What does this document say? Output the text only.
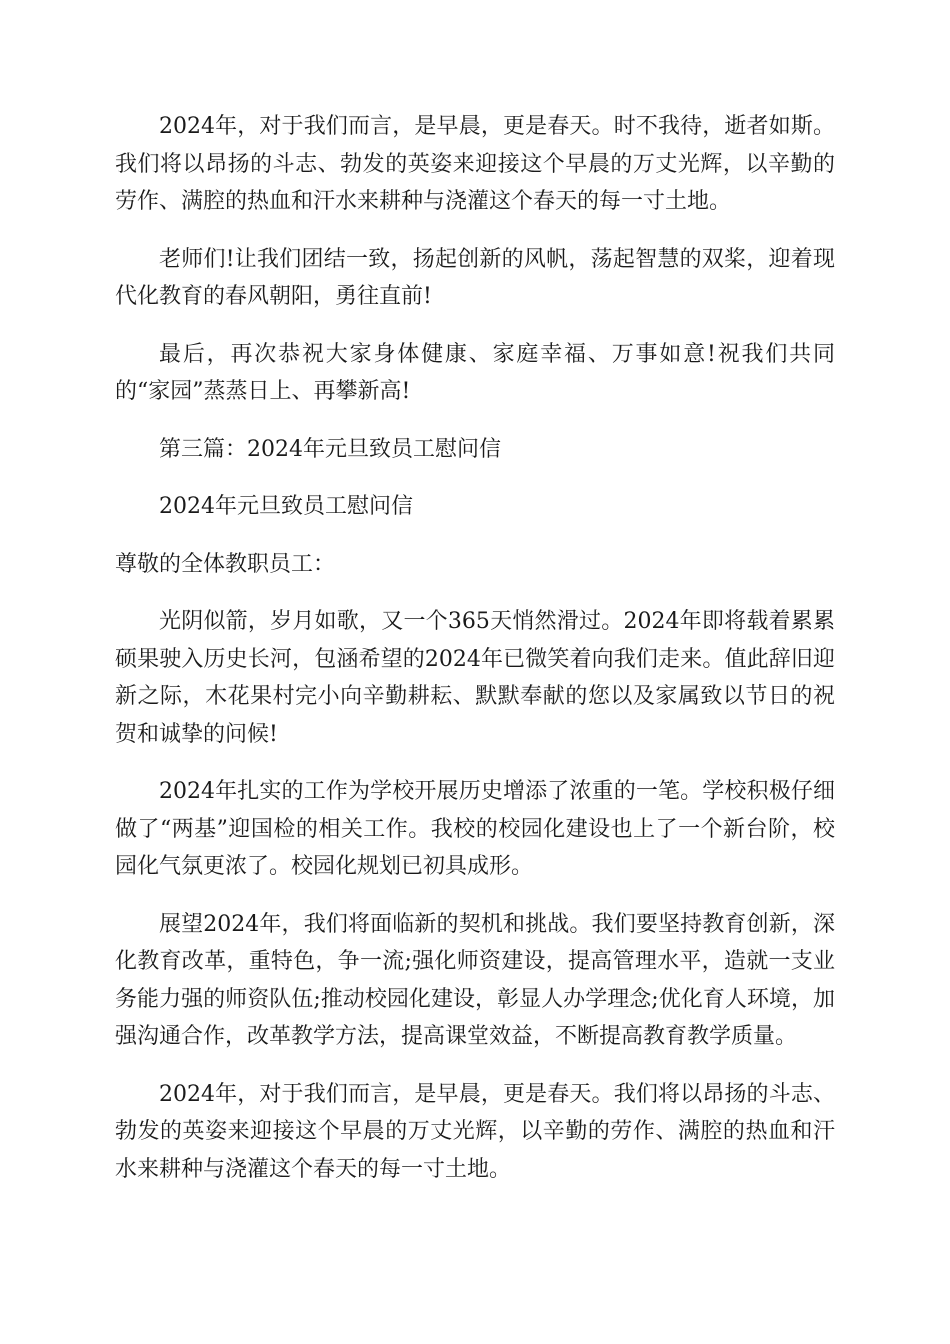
2024年，对于我们而言，是早晨，更是春天。时不我待，逝者如斯。我们将以昂扬的斗志、勃发的英姿来迎接这个早晨的万丈光辉，以辛勤的劳作、满腔的热血和汗水来耕种与浇灌这个春天的每一寸土地。

老师们!让我们团结一致，扬起创新的风帆，荡起智慧的双桨，迎着现代化教育的春风朝阳，勇往直前!

最后，再次恭祝大家身体健康、家庭幸福、万事如意!祝我们共同的“家园”蒸蒸日上、再攀新高!

第三篇：2024年元旦致员工慰问信

2024年元旦致员工慰问信

尊敬的全体教职员工：

光阴似箭，岁月如歌，又一个365天悄然滑过。2024年即将载着累累硕果驶入历史长河，包涵希望的2024年已微笑着向我们走来。值此辞旧迎新之际，木花果村完小向辛勤耕耘、默默奉献的您以及家属致以节日的祝贺和诚挚的问候!

2024年扎实的工作为学校开展历史增添了浓重的一笔。学校积极仔细做了“两基”迎国检的相关工作。我校的校园化建设也上了一个新台阶，校园化气氛更浓了。校园化规划已初具成形。

展望2024年，我们将面临新的契机和挑战。我们要坚持教育创新，深化教育改革，重特色，争一流;强化师资建设，提高管理水平，造就一支业务能力强的师资队伍;推动校园化建设，彰显人办学理念;优化育人环境，加强沟通合作，改革教学方法，提高课堂效益，不断提高教育教学质量。

2024年，对于我们而言，是早晨，更是春天。我们将以昂扬的斗志、勃发的英姿来迎接这个早晨的万丈光辉，以辛勤的劳作、满腔的热血和汗水来耕种与浇灌这个春天的每一寸土地。
